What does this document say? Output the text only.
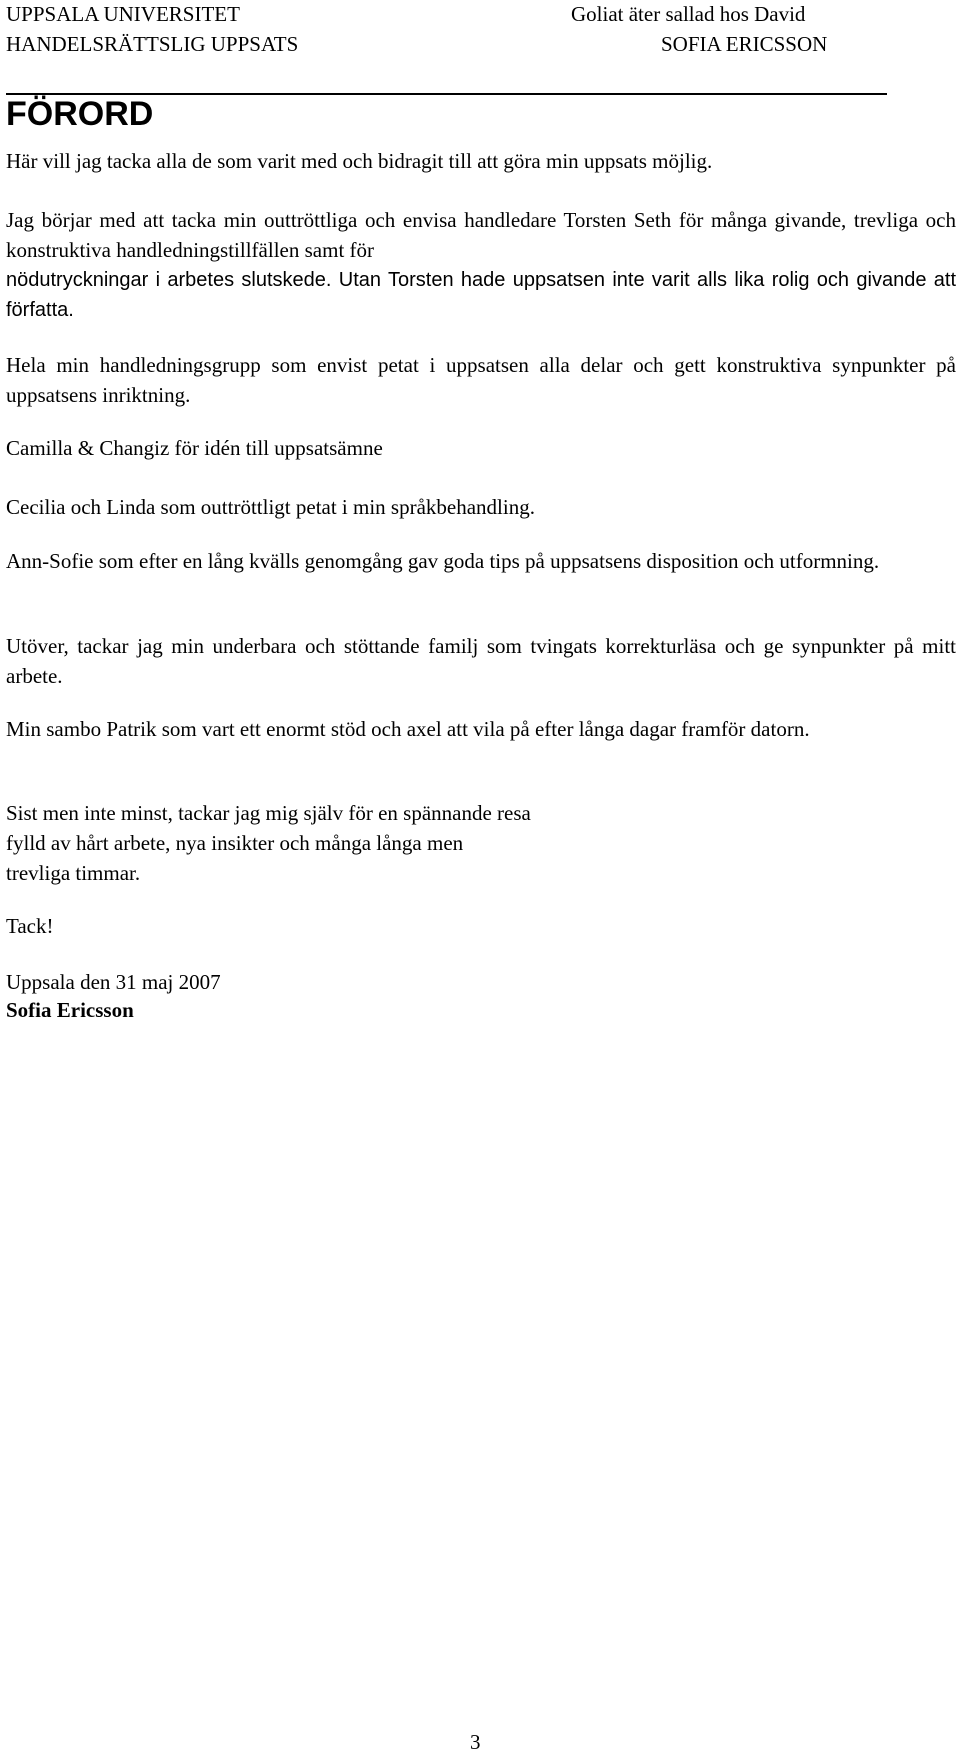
UPPSALA UNIVERSITET	Goliat äter sallad hos David
HANDELSRÄTTSLIG UPPSATS	SOFIA ERICSSON
FÖRORD

Här vill jag tacka alla de som varit med och bidragit till att göra min uppsats möjlig.

Jag börjar med att tacka min outtröttliga och envisa handledare Torsten Seth för många givande, trevliga och konstruktiva handledningstillfällen samt för
nödutryckningar i arbetes slutskede. Utan Torsten hade uppsatsen inte varit alls lika rolig och givande att författa.

Hela min handledningsgrupp som envist petat i uppsatsen alla delar och gett konstruktiva synpunkter på uppsatsens inriktning.

Camilla & Changiz för idén till uppsatsämne

Cecilia och Linda som outtröttligt petat i min språkbehandling.

Ann-Sofie som efter en lång kvälls genomgång gav goda tips på uppsatsens disposition och utformning.

Utöver, tackar jag min underbara och stöttande familj som tvingats korrekturläsa och ge synpunkter på mitt arbete.

Min sambo Patrik som vart ett enormt stöd och axel att vila på efter långa dagar framför datorn.

Sist men inte minst, tackar jag mig själv för en spännande resa
fylld av hårt arbete, nya insikter och många långa men
trevliga timmar.

Tack!

Uppsala den 31 maj 2007

Sofia Ericsson

3
